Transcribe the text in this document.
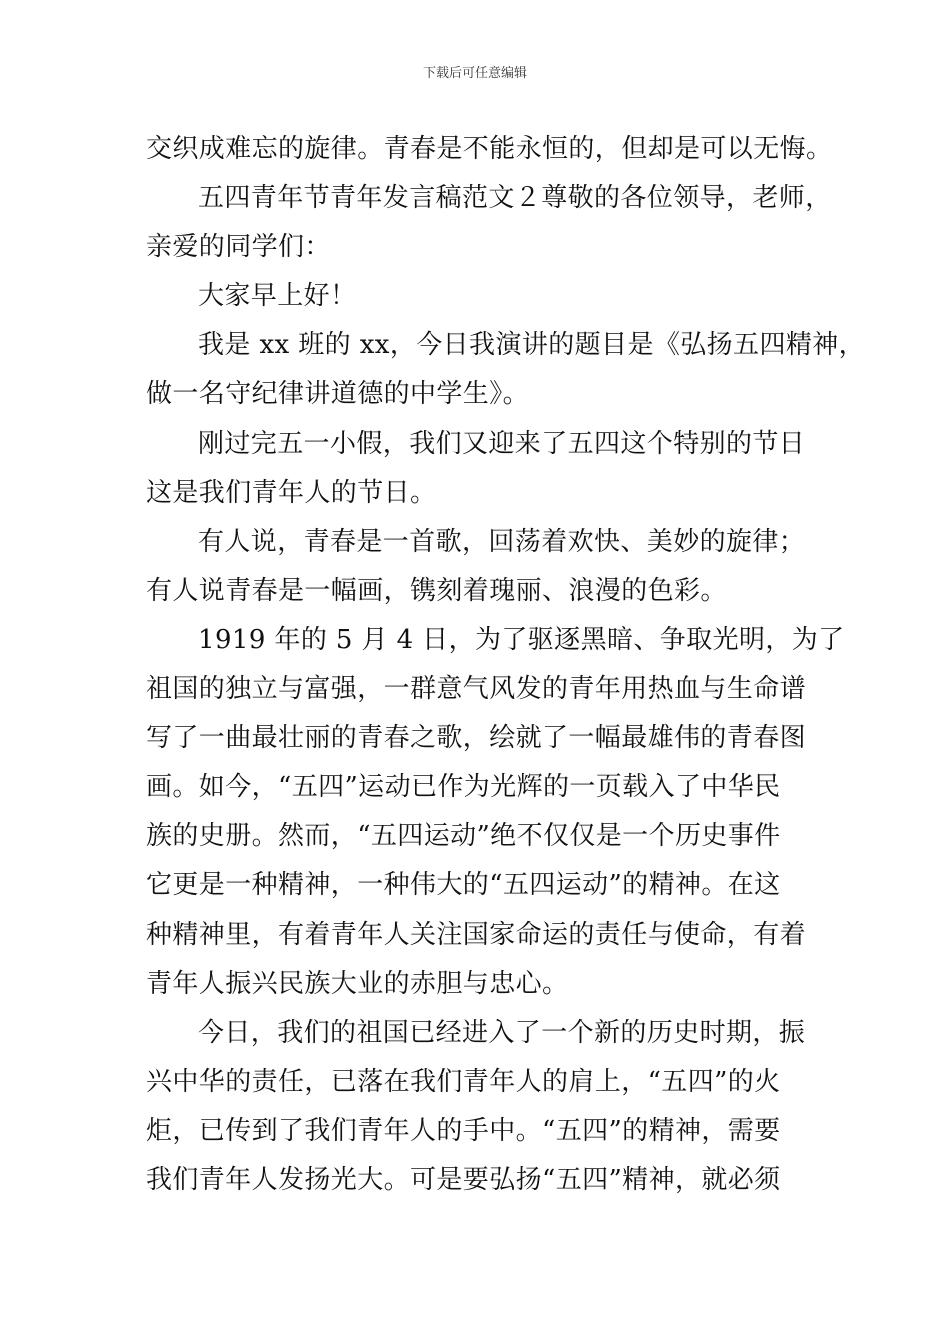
下载后可任意编辑
交织成难忘的旋律。青春是不能永恒的，但却是可以无悔。
五四青年节青年发言稿范文２尊敬的各位领导，老师，
亲爱的同学们：
大家早上好！
我是 xx 班的 xx，今日我演讲的题目是《弘扬五四精神，
做一名守纪律讲道德的中学生》。
刚过完五一小假，我们又迎来了五四这个特别的节日
这是我们青年人的节日。
有人说，青春是一首歌，回荡着欢快、美妙的旋律；
有人说青春是一幅画，镌刻着瑰丽、浪漫的色彩。
1919 年的 5 月 4 日，为了驱逐黑暗、争取光明，为了
祖国的独立与富强，一群意气风发的青年用热血与生命谱
写了一曲最壮丽的青春之歌，绘就了一幅最雄伟的青春图
画。如今，“五四”运动已作为光辉的一页载入了中华民
族的史册。然而，“五四运动”绝不仅仅是一个历史事件
它更是一种精神，一种伟大的“五四运动”的精神。在这
种精神里，有着青年人关注国家命运的责任与使命，有着
青年人振兴民族大业的赤胆与忠心。
今日，我们的祖国已经进入了一个新的历史时期，振
兴中华的责任，已落在我们青年人的肩上，“五四”的火
炬，已传到了我们青年人的手中。“五四”的精神，需要
我们青年人发扬光大。可是要弘扬“五四”精神，就必须
